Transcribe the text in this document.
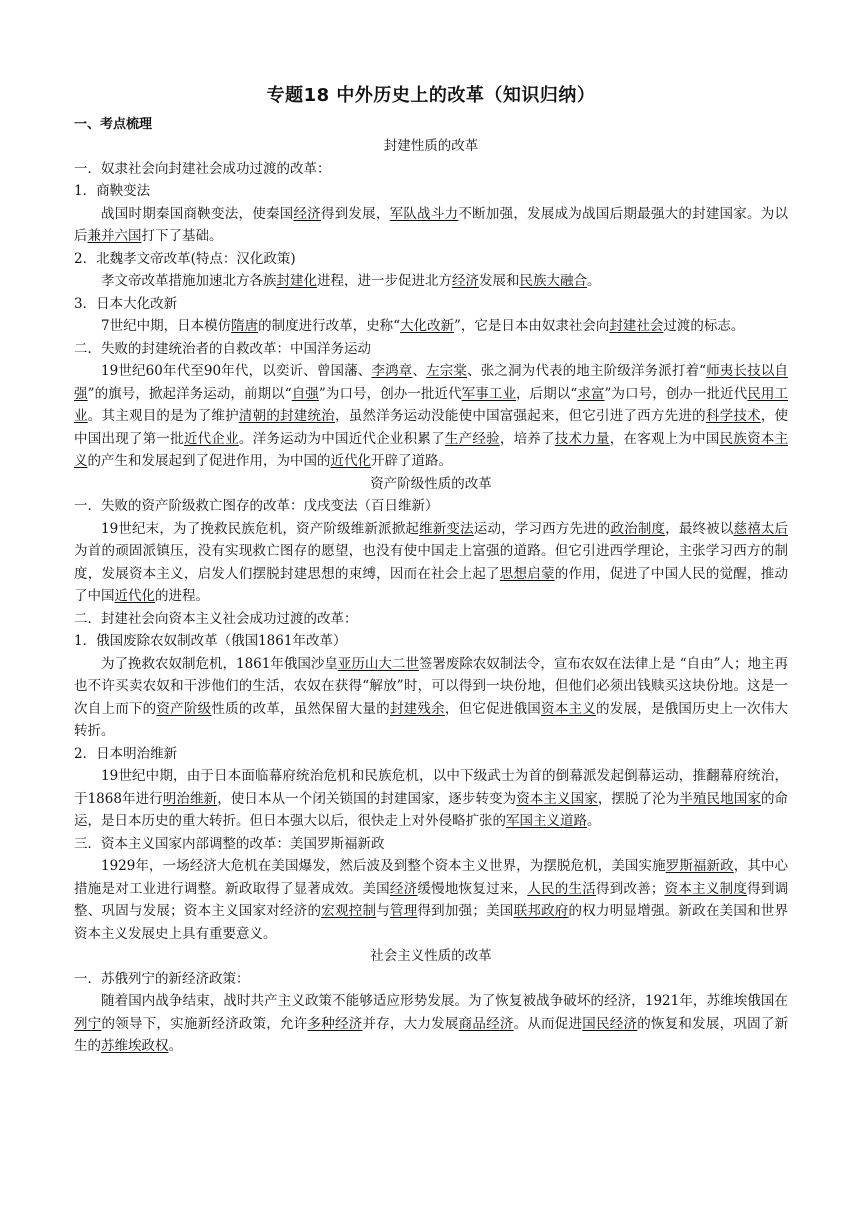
专题18 中外历史上的改革（知识归纳）

一、考点梳理

封建性质的改革

一．奴隶社会向封建社会成功过渡的改革：

1．商鞅变法

战国时期秦国商鞅变法，使秦国经济得到发展，军队战斗力不断加强，发展成为战国后期最强大的封建国家。为以后兼并六国打下了基础。

2．北魏孝文帝改革(特点：汉化政策)

孝文帝改革措施加速北方各族封建化进程，进一步促进北方经济发展和民族大融合。

3．日本大化改新

7世纪中期，日本模仿隋唐的制度进行改革，史称“大化改新”，它是日本由奴隶社会向封建社会过渡的标志。

二．失败的封建统治者的自救改革：中国洋务运动

19世纪60年代至90年代，以奕䜣、曾国藩、李鸿章、左宗棠、张之洞为代表的地主阶级洋务派打着“师夷长技以自强”的旗号，掀起洋务运动，前期以“自强”为口号，创办一批近代军事工业，后期以“求富”为口号，创办一批近代民用工业。其主观目的是为了维护清朝的封建统治，虽然洋务运动没能使中国富强起来，但它引进了西方先进的科学技术，使中国出现了第一批近代企业。洋务运动为中国近代企业积累了生产经验，培养了技术力量，在客观上为中国民族资本主义的产生和发展起到了促进作用，为中国的近代化开辟了道路。

资产阶级性质的改革

一．失败的资产阶级救亡图存的改革：戊戌变法（百日维新）

19世纪末，为了挽救民族危机，资产阶级维新派掀起维新变法运动，学习西方先进的政治制度，最终被以慈禧太后为首的顽固派镇压，没有实现救亡图存的愿望，也没有使中国走上富强的道路。但它引进西学理论，主张学习西方的制度，发展资本主义，启发人们摆脱封建思想的束缚，因而在社会上起了思想启蒙的作用，促进了中国人民的觉醒，推动了中国近代化的进程。

二．封建社会向资本主义社会成功过渡的改革：

1．俄国废除农奴制改革（俄国1861年改革）

为了挽救农奴制危机，1861年俄国沙皇亚历山大二世签署废除农奴制法令，宣布农奴在法律上是 “自由”人；地主再也不许买卖农奴和干涉他们的生活，农奴在获得“解放”时，可以得到一块份地，但他们必须出钱赎买这块份地。这是一次自上而下的资产阶级性质的改革，虽然保留大量的封建残余，但它促进俄国资本主义的发展，是俄国历史上一次伟大转折。

2．日本明治维新

19世纪中期，由于日本面临幕府统治危机和民族危机，以中下级武士为首的倒幕派发起倒幕运动，推翻幕府统治，于1868年进行明治维新，使日本从一个闭关锁国的封建国家，逐步转变为资本主义国家，摆脱了沦为半殖民地国家的命运，是日本历史的重大转折。但日本强大以后，很快走上对外侵略扩张的军国主义道路。

三．资本主义国家内部调整的改革：美国罗斯福新政

1929年，一场经济大危机在美国爆发，然后波及到整个资本主义世界，为摆脱危机，美国实施罗斯福新政，其中心措施是对工业进行调整。新政取得了显著成效。美国经济缓慢地恢复过来，人民的生活得到改善；资本主义制度得到调整、巩固与发展；资本主义国家对经济的宏观控制与管理得到加强；美国联邦政府的权力明显增强。新政在美国和世界资本主义发展史上具有重要意义。

社会主义性质的改革

一．苏俄列宁的新经济政策：

随着国内战争结束，战时共产主义政策不能够适应形势发展。为了恢复被战争破坏的经济，1921年，苏维埃俄国在列宁的领导下，实施新经济政策，允许多种经济并存，大力发展商品经济。从而促进国民经济的恢复和发展，巩固了新生的苏维埃政权。
